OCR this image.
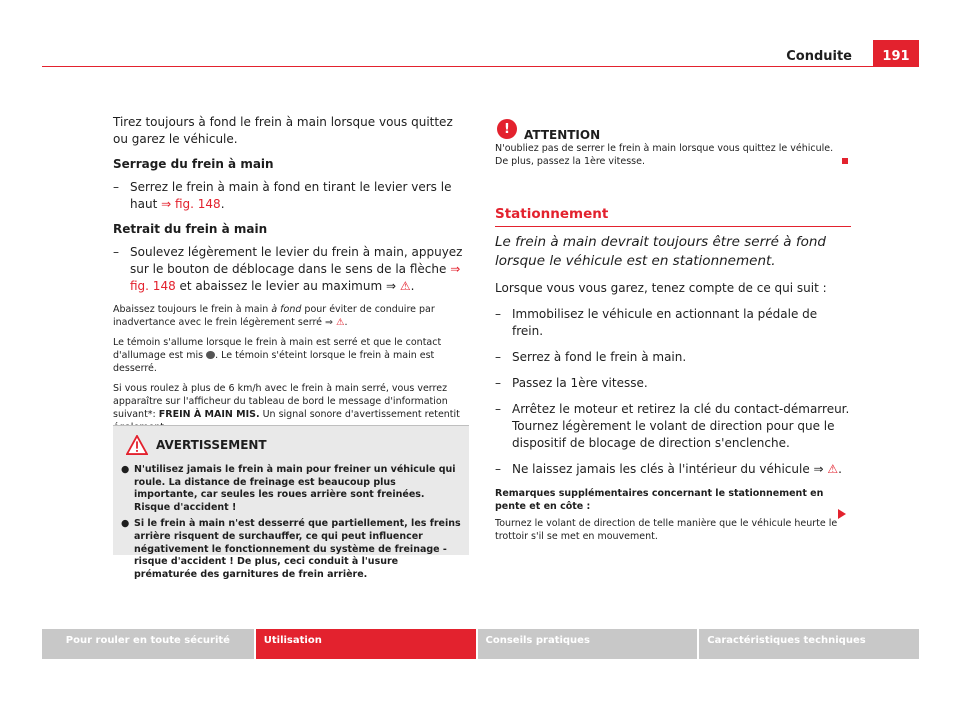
Conduite	191

Tirez toujours à fond le frein à main lorsque vous quittez ou garez le véhicule.

Serrage du frein à main

– Serrez le frein à main à fond en tirant le levier vers le haut ⇒ fig. 148.

Retrait du frein à main

– Soulevez légèrement le levier du frein à main, appuyez sur le bouton de déblocage dans le sens de la flèche ⇒ fig. 148 et abaissez le levier au maximum ⇒ ⚠.

Abaissez toujours le frein à main à fond pour éviter de conduire par inadvertance avec le frein légèrement serré ⇒ ⚠.

Le témoin s'allume lorsque le frein à main est serré et que le contact d'allumage est mis . Le témoin s'éteint lorsque le frein à main est desserré.

Si vous roulez à plus de 6 km/h avec le frein à main serré, vous verrez apparaître sur l'afficheur du tableau de bord le message d'information suivant*: FREIN À MAIN MIS. Un signal sonore d'avertissement retentit

AVERTISSEMENT
● N'utilisez jamais le frein à main pour freiner un véhicule qui roule. La distance de freinage est beaucoup plus importante, car seules les roues arrière sont freinées. Risque d'accident !
● Si le frein à main n'est desserré que partiellement, les freins arrière risquent de surchauffer, ce qui peut influencer négativement le fonctionnement du système de freinage - risque d'accident ! De plus, ceci conduit à l'usure prématurée des garnitures de frein arrière.
!	ATTENTION

N'oubliez pas de serrer le frein à main lorsque vous quittez le véhicule. De plus, passez la 1ère vitesse.

Stationnement

Le frein à main devrait toujours être serré à fond lorsque le véhicule est en stationnement.

Lorsque vous vous garez, tenez compte de ce qui suit :

– Immobilisez le véhicule en actionnant la pédale de frein.
– Serrez à fond le frein à main.
– Passez la 1ère vitesse.
– Arrêtez le moteur et retirez la clé du contact-démarreur. Tournez légèrement le volant de direction pour que le dispositif de blocage de direction s'enclenche.
– Ne laissez jamais les clés à l'intérieur du véhicule ⇒ ⚠.

Remarques supplémentaires concernant le stationnement en pente et en côte :

Tournez le volant de direction de telle manière que le véhicule heurte le trottoir s'il se met en mouvement.

Pour rouler en toute sécurité	Utilisation	Conseils pratiques	Caractéristiques techniques
